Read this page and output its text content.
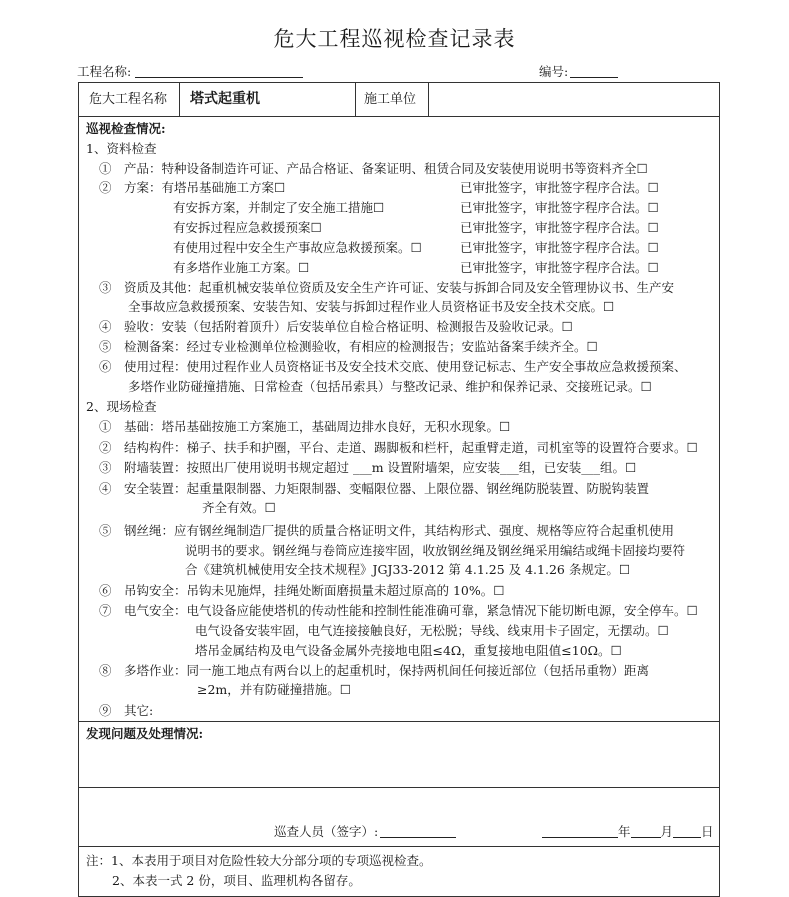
危大工程巡视检查记录表
工程名称:	编号:
危大工程名称	塔式起重机	施工单位
巡视检查情况:
1、资料检查
①　产品：特种设备制造许可证、产品合格证、备案证明、租赁合同及安装使用说明书等资料齐全☐
②　方案：有塔吊基础施工方案☐	已审批签字，审批签字程序合法。☐
有安拆方案，并制定了安全施工措施☐	已审批签字，审批签字程序合法。☐
有安拆过程应急救援预案☐	已审批签字，审批签字程序合法。☐
有使用过程中安全生产事故应急救援预案。☐	已审批签字，审批签字程序合法。☐
有多塔作业施工方案。☐	已审批签字，审批签字程序合法。☐
③　资质及其他：起重机械安装单位资质及安全生产许可证、安装与拆卸合同及安全管理协议书、生产安
全事故应急救援预案、安装告知、安装与拆卸过程作业人员资格证书及安全技术交底。☐
④　验收：安装（包括附着顶升）后安装单位自检合格证明、检测报告及验收记录。☐
⑤　检测备案：经过专业检测单位检测验收，有相应的检测报告；安监站备案手续齐全。☐
⑥　使用过程：使用过程作业人员资格证书及安全技术交底、使用登记标志、生产安全事故应急救援预案、
多塔作业防碰撞措施、日常检查（包括吊索具）与整改记录、维护和保养记录、交接班记录。☐
2、现场检查
①　基础：塔吊基础按施工方案施工，基础周边排水良好，无积水现象。☐
②　结构构件：梯子、扶手和护圈，平台、走道、踢脚板和栏杆，起重臂走道，司机室等的设置符合要求。☐
③　附墙装置：按照出厂使用说明书规定超过 ___m 设置附墙架，应安装___组，已安装___组。☐
④　安全装置：起重量限制器、力矩限制器、变幅限位器、上限位器、钢丝绳防脱装置、防脱钩装置
齐全有效。☐
⑤　钢丝绳：应有钢丝绳制造厂提供的质量合格证明文件，其结构形式、强度、规格等应符合起重机使用
说明书的要求。钢丝绳与卷筒应连接牢固，收放钢丝绳及钢丝绳采用编结或绳卡固接均要符
合《建筑机械使用安全技术规程》JGJ33-2012 第 4.1.25 及 4.1.26 条规定。☐
⑥　吊钩安全：吊钩未见施焊，挂绳处断面磨损量未超过原高的 10%。☐
⑦　电气安全：电气设备应能使塔机的传动性能和控制性能准确可靠，紧急情况下能切断电源，安全停车。☐
电气设备安装牢固，电气连接接触良好，无松脱；导线、线束用卡子固定，无摆动。☐
塔吊金属结构及电气设备金属外壳接地电阻≤4Ω，重复接地电阻值≤10Ω。☐
⑧　多塔作业：同一施工地点有两台以上的起重机时，保持两机间任何接近部位（包括吊重物）距离
≥2m，并有防碰撞措施。☐
⑨　其它:
发现问题及处理情况:
巡查人员（签字）:	年 月 日
注：1、本表用于项目对危险性较大分部分项的专项巡视检查。
2、本表一式 2 份，项目、监理机构各留存。
